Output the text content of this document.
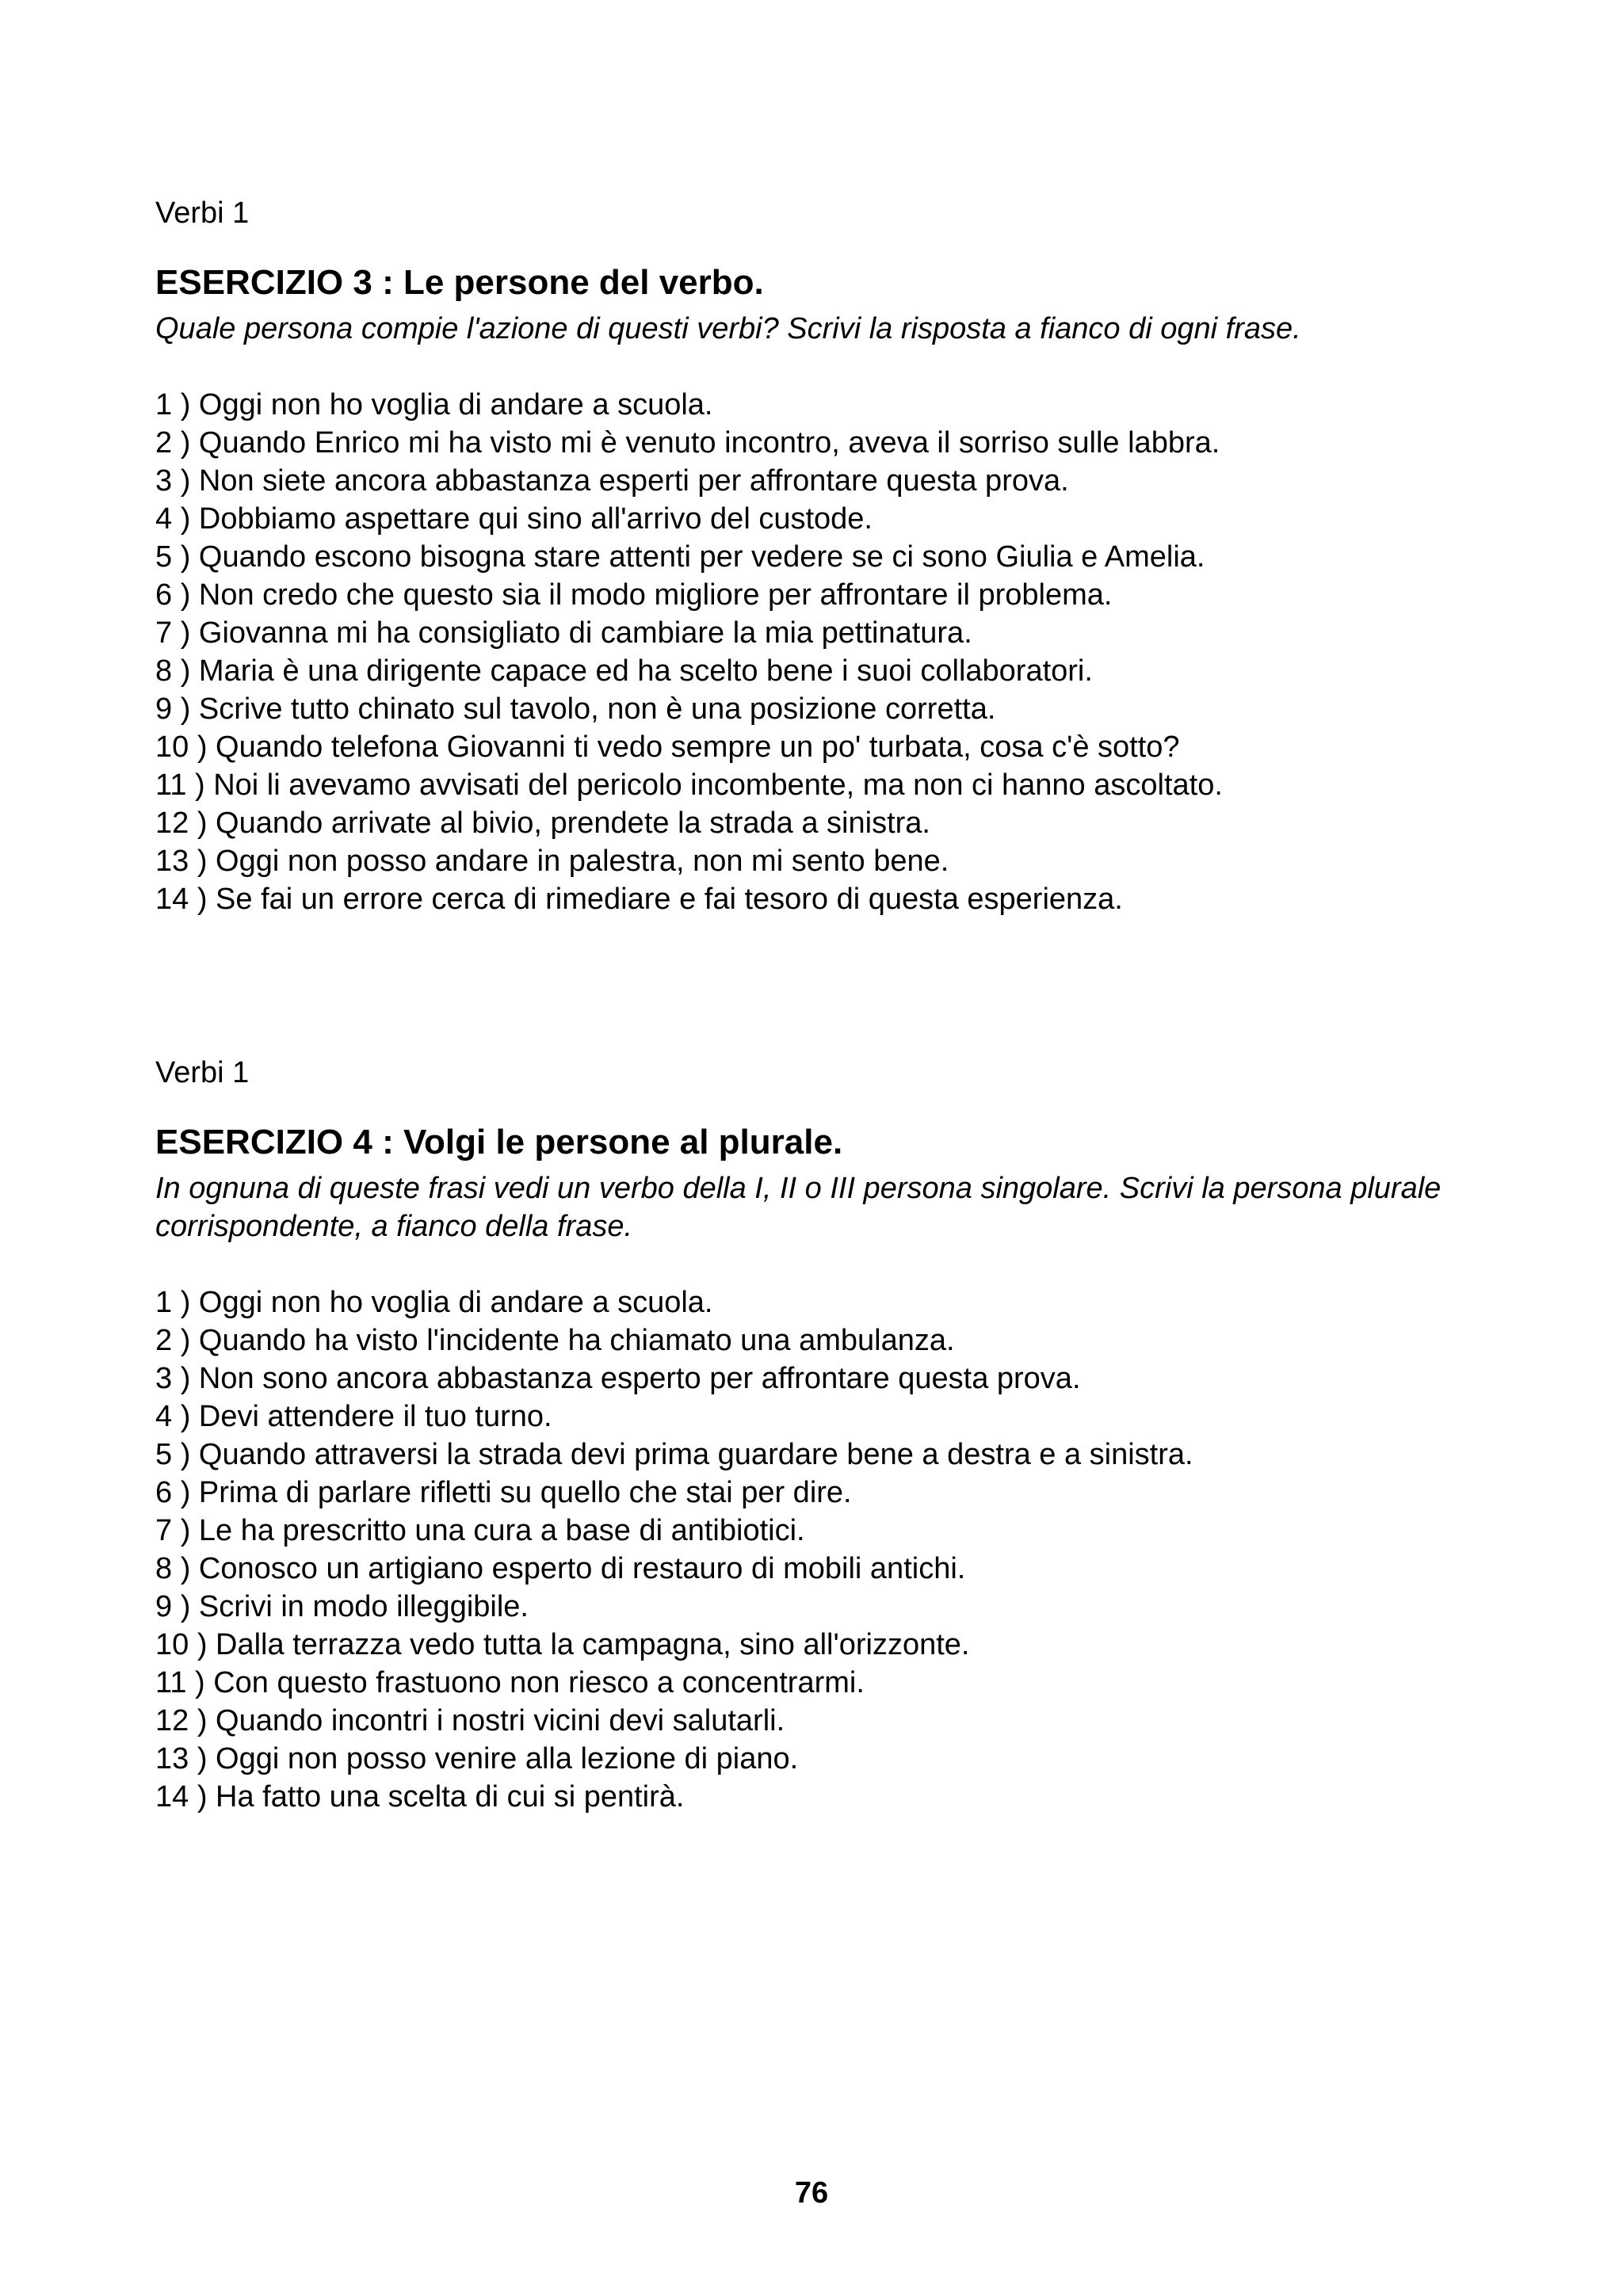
Verbi 1

ESERCIZIO 3 : Le persone del verbo.

Quale persona compie l'azione di questi verbi? Scrivi la risposta a fianco di ogni frase.

1 ) Oggi non ho voglia di andare a scuola.
2 ) Quando Enrico mi ha visto mi è venuto incontro, aveva il sorriso sulle labbra.
3 ) Non siete ancora abbastanza esperti per affrontare questa prova.
4 ) Dobbiamo aspettare qui sino all'arrivo del custode.
5 ) Quando escono bisogna stare attenti per vedere se ci sono Giulia e Amelia.
6 ) Non credo che questo sia il modo migliore per affrontare il problema.
7 ) Giovanna mi ha consigliato di cambiare la mia pettinatura.
8 ) Maria è una dirigente capace ed ha scelto bene i suoi collaboratori.
9 ) Scrive tutto chinato sul tavolo, non è una posizione corretta.
10 ) Quando telefona Giovanni ti vedo sempre un po' turbata, cosa c'è sotto?
11 ) Noi li avevamo avvisati del pericolo incombente, ma non ci hanno ascoltato.
12 ) Quando arrivate al bivio, prendete la strada a sinistra.
13 ) Oggi non posso andare in palestra, non mi sento bene.
14 ) Se fai un errore cerca di rimediare e fai tesoro di questa esperienza.

Verbi 1

ESERCIZIO 4 : Volgi le persone al plurale.

In ognuna di queste frasi vedi un verbo della I, II o III persona singolare. Scrivi la persona plurale corrispondente, a fianco della frase.

1 ) Oggi non ho voglia di andare a scuola.
2 ) Quando ha visto l'incidente ha chiamato una ambulanza.
3 ) Non sono ancora abbastanza esperto per affrontare questa prova.
4 ) Devi attendere il tuo turno.
5 ) Quando attraversi la strada devi prima guardare bene a destra e a sinistra.
6 ) Prima di parlare rifletti su quello che stai per dire.
7 ) Le ha prescritto una cura a base di antibiotici.
8 ) Conosco un artigiano esperto di restauro di mobili antichi.
9 ) Scrivi in modo illeggibile.
10 ) Dalla terrazza vedo tutta la campagna, sino all'orizzonte.
11 ) Con questo frastuono non riesco a concentrarmi.
12 ) Quando incontri i nostri vicini devi salutarli.
13 ) Oggi non posso venire alla lezione di piano.
14 ) Ha fatto una scelta di cui si pentirà.
76
